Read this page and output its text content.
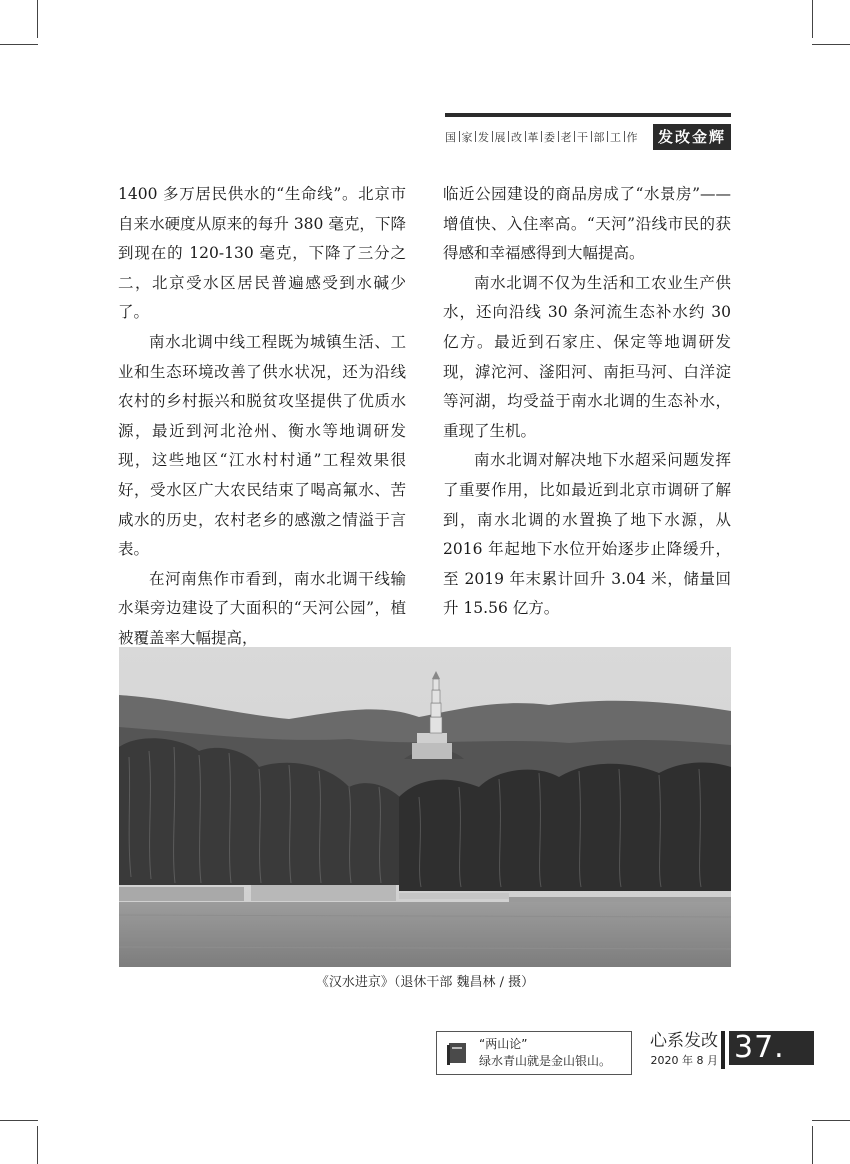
国 家 发 展 改 革 委 老 干 部 工 作	发改金辉

1400 多万居民供水的“生命线”。北京市自来水硬度从原来的每升 380 毫克，下降到现在的 120-130 毫克，下降了三分之二，北京受水区居民普遍感受到水碱少了。

南水北调中线工程既为城镇生活、工业和生态环境改善了供水状况，还为沿线农村的乡村振兴和脱贫攻坚提供了优质水源，最近到河北沧州、衡水等地调研发现，这些地区“江水村村通”工程效果很好，受水区广大农民结束了喝高氟水、苦咸水的历史，农村老乡的感激之情溢于言表。

在河南焦作市看到，南水北调干线输水渠旁边建设了大面积的“天河公园”，植被覆盖率大幅提高，

临近公园建设的商品房成了“水景房”——增值快、入住率高。“天河”沿线市民的获得感和幸福感得到大幅提高。

南水北调不仅为生活和工农业生产供水，还向沿线 30 条河流生态补水约 30 亿方。最近到石家庄、保定等地调研发现，滹沱河、滏阳河、南拒马河、白洋淀等河湖，均受益于南水北调的生态补水，重现了生机。

南水北调对解决地下水超采问题发挥了重要作用，比如最近到北京市调研了解到，南水北调的水置换了地下水源，从 2016 年起地下水位开始逐步止降缓升，至 2019 年末累计回升 3.04 米，储量回升 15.56 亿方。

《汉水进京》（退休干部 魏昌林 / 摄）
“两山论”
绿水青山就是金山银山。
心系发改
2020 年 8 月 37.
